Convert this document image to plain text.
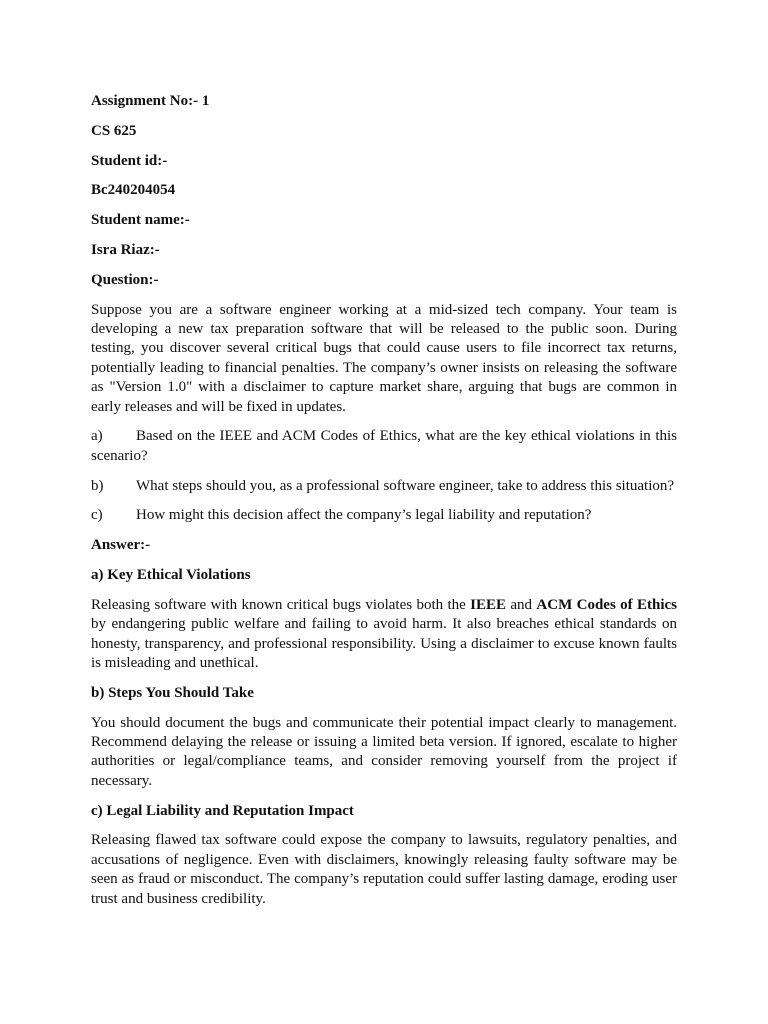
Assignment No:- 1

CS 625

Student id:-

Bc240204054

Student name:-

Isra Riaz:-

Question:-

Suppose you are a software engineer working at a mid-sized tech company. Your team is developing a new tax preparation software that will be released to the public soon. During testing, you discover several critical bugs that could cause users to file incorrect tax returns, potentially leading to financial penalties. The company’s owner insists on releasing the software as "Version 1.0" with a disclaimer to capture market share, arguing that bugs are common in early releases and will be fixed in updates.

a) Based on the IEEE and ACM Codes of Ethics, what are the key ethical violations in this scenario?

b) What steps should you, as a professional software engineer, take to address this situation?

c) How might this decision affect the company’s legal liability and reputation?

Answer:-

a) Key Ethical Violations

Releasing software with known critical bugs violates both the IEEE and ACM Codes of Ethics by endangering public welfare and failing to avoid harm. It also breaches ethical standards on honesty, transparency, and professional responsibility. Using a disclaimer to excuse known faults is misleading and unethical.

b) Steps You Should Take

You should document the bugs and communicate their potential impact clearly to management. Recommend delaying the release or issuing a limited beta version. If ignored, escalate to higher authorities or legal/compliance teams, and consider removing yourself from the project if necessary.

c) Legal Liability and Reputation Impact

Releasing flawed tax software could expose the company to lawsuits, regulatory penalties, and accusations of negligence. Even with disclaimers, knowingly releasing faulty software may be seen as fraud or misconduct. The company’s reputation could suffer lasting damage, eroding user trust and business credibility.
